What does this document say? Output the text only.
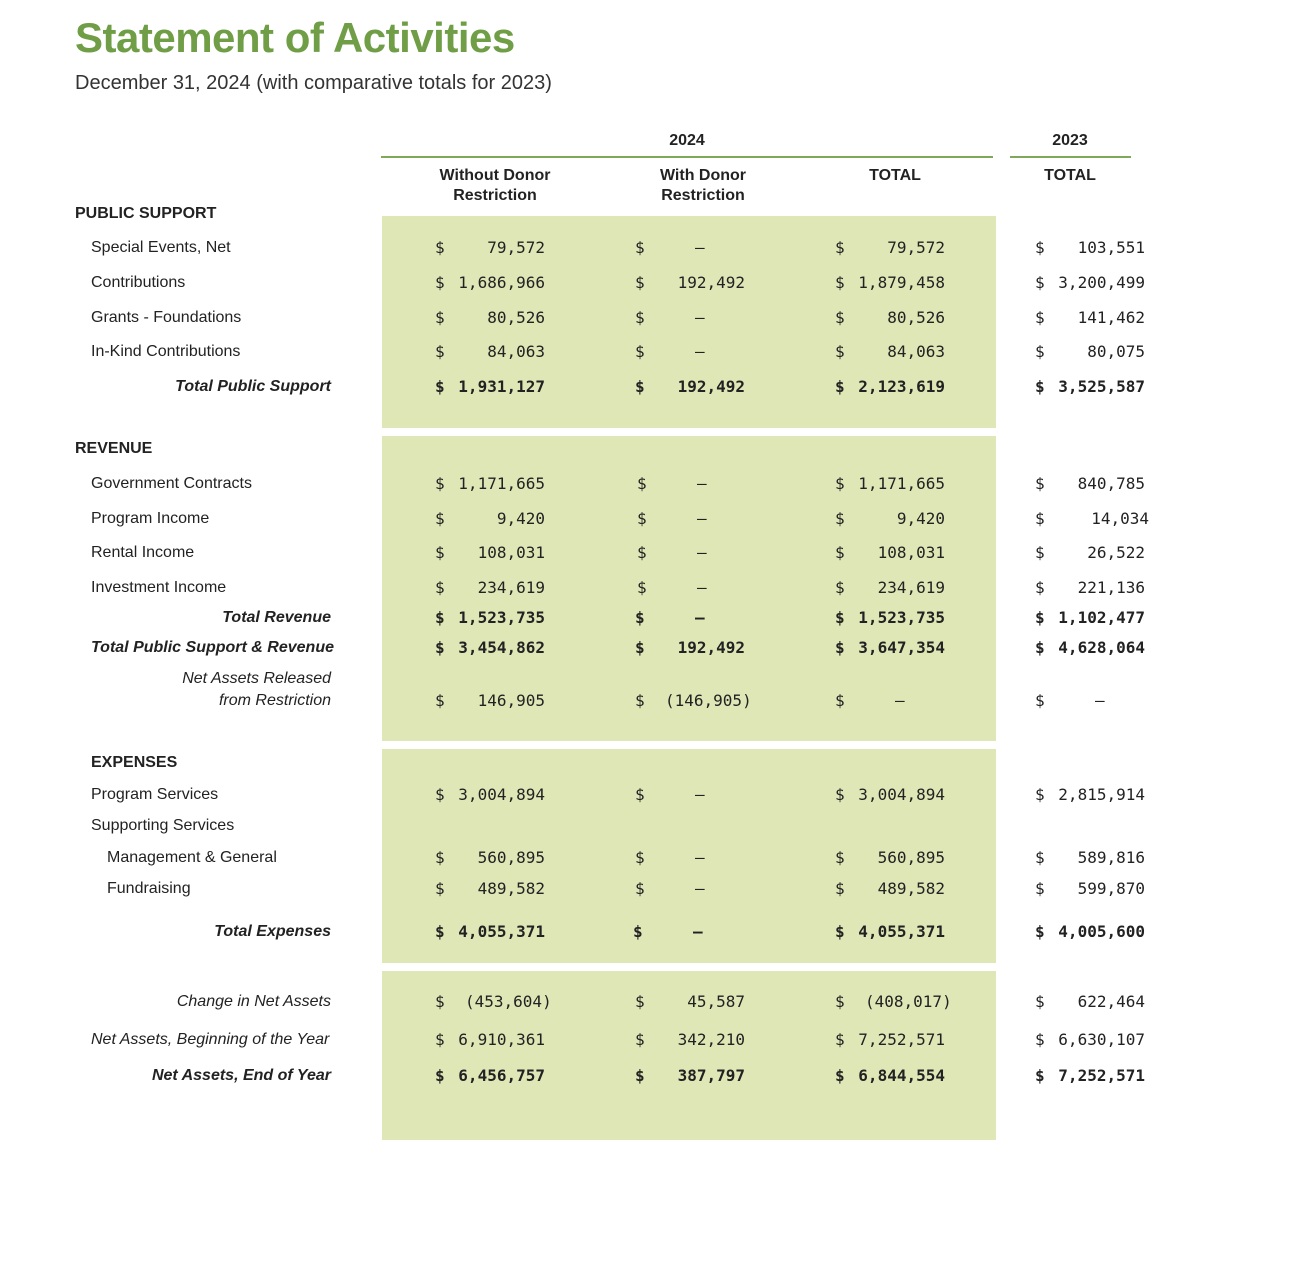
Statement of Activities
December 31, 2024 (with comparative totals for 2023)
2024	2023
Without Donor
Restriction
With Donor
Restriction
TOTAL	TOTAL
PUBLIC SUPPORT
REVENUE
EXPENSES
Special Events, Net	$	79,572	$	–	$	79,572	$ 103,551
Contributions	$ 1,686,966	$ 192,492	$ 1,879,458	$ 3,200,499
Grants - Foundations	$	80,526	$	–	$	80,526	$ 141,462
In-Kind Contributions	$	84,063	$	–	$	84,063	$	80,075
Total Public Support	$ 1,931,127	$ 192,492	$ 2,123,619	$ 3,525,587
Government Contracts	$ 1,171,665	$	–	$ 1,171,665	$ 840,785
Program Income	$	9,420	$	–	$	9,420	$	14,034
Rental Income	$ 108,031	$	–	$ 108,031	$	26,522
Investment Income	$ 234,619	$	–	$ 234,619	$ 221,136
Total Revenue	$ 1,523,735	$	–	$ 1,523,735	$ 1,102,477
Total Public Support & Revenue	$ 3,454,862	$ 192,492	$ 3,647,354	$ 4,628,064
Net Assets Released
from Restriction	$ 146,905	$ (146,905)	$	–	$	–
Program Services	$ 3,004,894	$	–	$ 3,004,894	$ 2,815,914
Supporting Services
Management & General	$ 560,895	$	–	$ 560,895	$ 589,816
Fundraising	$ 489,582	$	–	$ 489,582	$ 599,870
Total Expenses	$ 4,055,371	$	–	$ 4,055,371	$ 4,005,600
Change in Net Assets	$ (453,604)	$	45,587	$ (408,017)	$ 622,464
Net Assets, Beginning of the Year	$ 6,910,361	$ 342,210	$ 7,252,571	$ 6,630,107
Net Assets, End of Year	$ 6,456,757	$ 387,797	$ 6,844,554	$ 7,252,571
